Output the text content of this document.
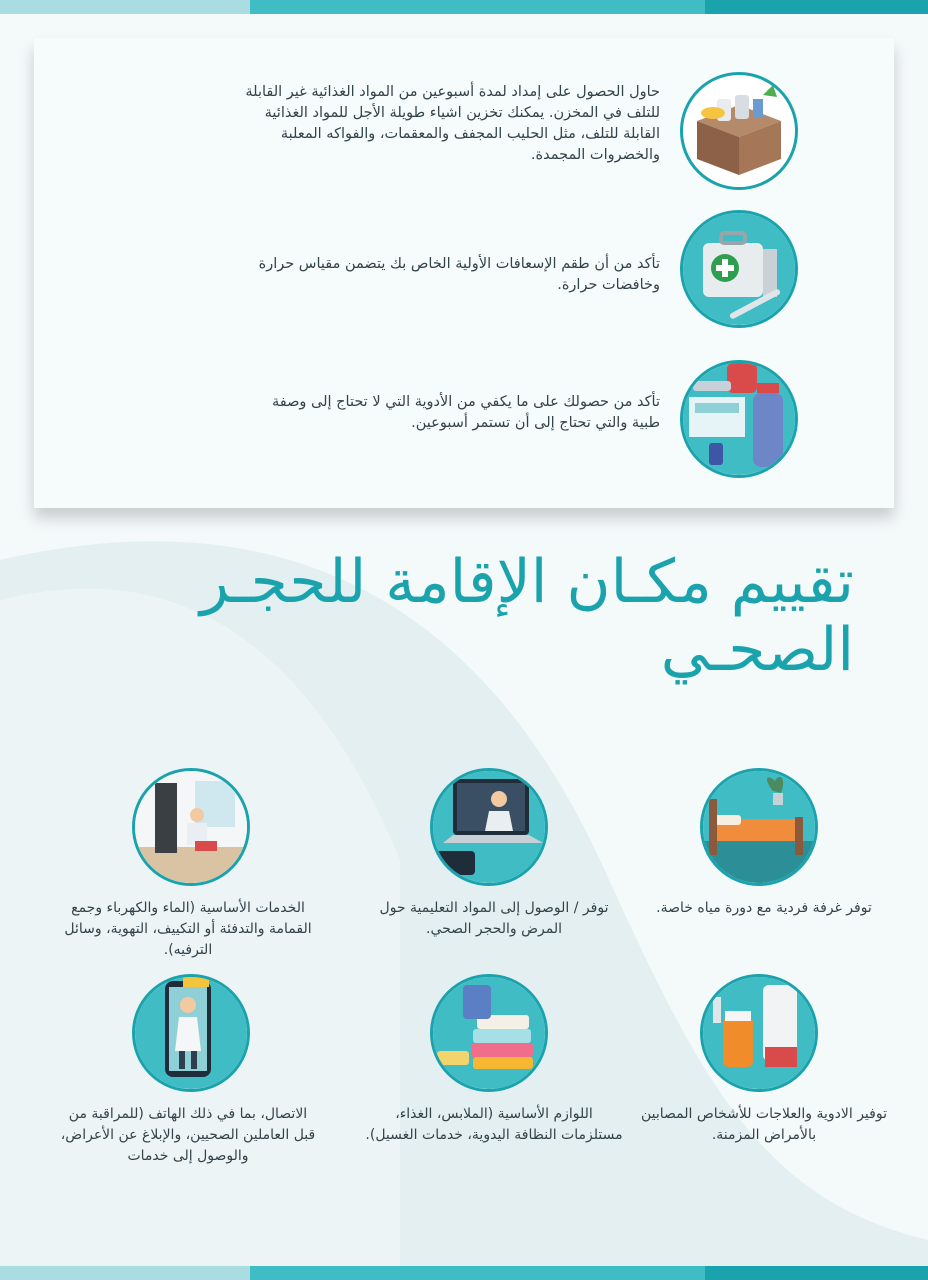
حاول الحصول على إمداد لمدة أسبوعين من المواد الغذائية غير القابلة للتلف في المخزن. يمكنك تخزين اشياء طويلة الأجل للمواد الغذائية القابلة للتلف، مثل الحليب المجفف والمعقمات، والفواكه المعلبة والخضروات المجمدة.
تأكد من أن طقم الإسعافات الأولية الخاص بك يتضمن مقياس حرارة وخافضات حرارة.
تأكد من حصولك على ما يكفي من الأدوية التي لا تحتاج إلى وصفة طبية والتي تحتاج إلى أن تستمر أسبوعين.
تقييم مكـان الإقامة للحجـر الصحـي
توفر غرفة فردية مع دورة مياه خاصة.
توفر / الوصول إلى المواد التعليمية حول المرض والحجر الصحي.
الخدمات الأساسية (الماء والكهرباء وجمع القمامة والتدفئة أو التكييف، التهوية، وسائل الترفيه).
توفير الادوية والعلاجات للأشخاص المصابين بالأمراض المزمنة.
اللوازم الأساسية (الملابس، الغذاء، مستلزمات النظافة اليدوية، خدمات الغسيل).
الاتصال، بما في ذلك الهاتف (للمراقبة من قبل العاملين الصحيين، والإبلاغ عن الأعراض، والوصول إلى خدمات
